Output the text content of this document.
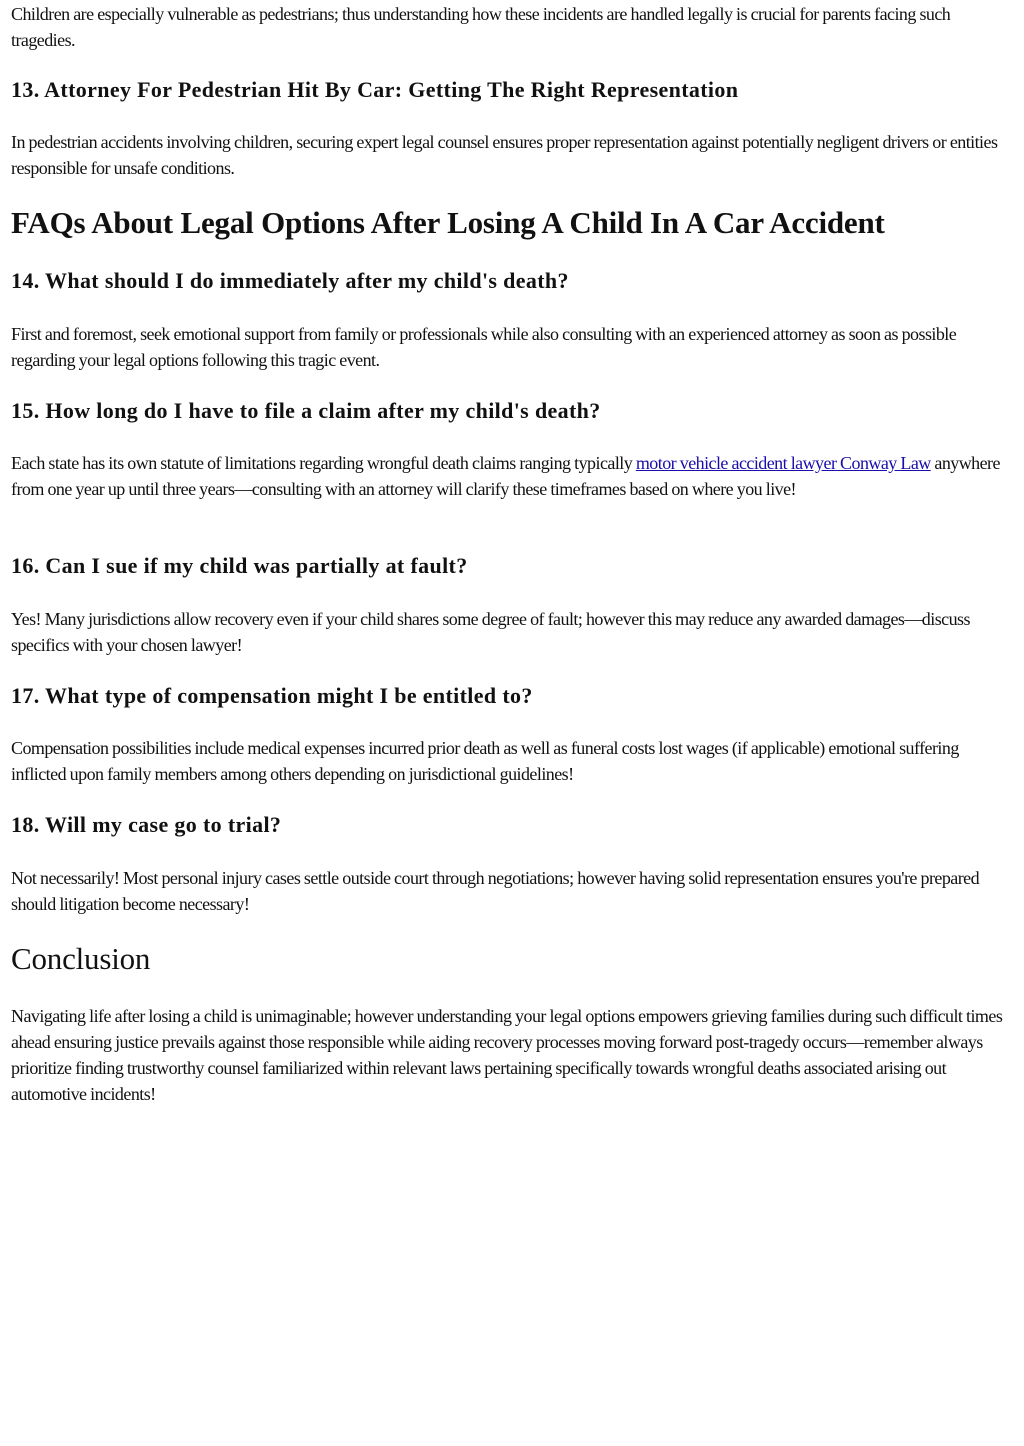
Children are especially vulnerable as pedestrians; thus understanding how these incidents are handled legally is crucial for parents facing such tragedies.

13. Attorney For Pedestrian Hit By Car: Getting The Right Representation

In pedestrian accidents involving children, securing expert legal counsel ensures proper representation against potentially negligent drivers or entities responsible for unsafe conditions.

FAQs About Legal Options After Losing A Child In A Car Accident
14. What should I do immediately after my child's death?

First and foremost, seek emotional support from family or professionals while also consulting with an experienced attorney as soon as possible regarding your legal options following this tragic event.

15. How long do I have to file a claim after my child's death?

Each state has its own statute of limitations regarding wrongful death claims ranging typically motor vehicle accident lawyer Conway Law anywhere from one year up until three years—consulting with an attorney will clarify these timeframes based on where you live!

16. Can I sue if my child was partially at fault?

Yes! Many jurisdictions allow recovery even if your child shares some degree of fault; however this may reduce any awarded damages—discuss specifics with your chosen lawyer!

17. What type of compensation might I be entitled to?

Compensation possibilities include medical expenses incurred prior death as well as funeral costs lost wages (if applicable) emotional suffering inflicted upon family members among others depending on jurisdictional guidelines!

18. Will my case go to trial?

Not necessarily! Most personal injury cases settle outside court through negotiations; however having solid representation ensures you're prepared should litigation become necessary!

Conclusion

Navigating life after losing a child is unimaginable; however understanding your legal options empowers grieving families during such difficult times ahead ensuring justice prevails against those responsible while aiding recovery processes moving forward post-tragedy occurs—remember always prioritize finding trustworthy counsel familiarized within relevant laws pertaining specifically towards wrongful deaths associated arising out automotive incidents!
